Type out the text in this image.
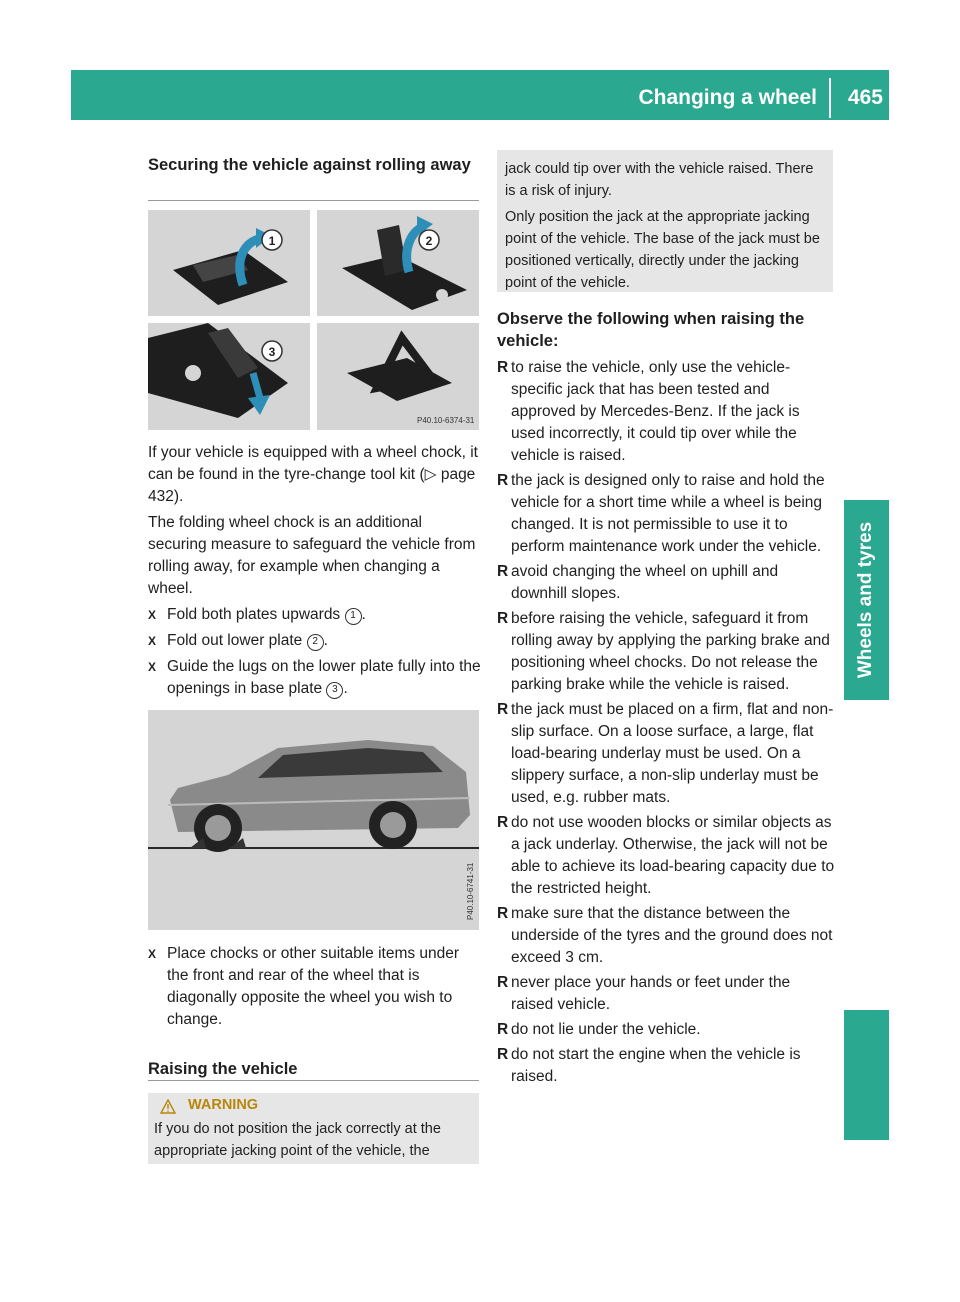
Changing a wheel 465
Wheels and tyres
Securing the vehicle against rolling away
1	2
3
P40.10-6374-31

If your vehicle is equipped with a wheel chock, it can be found in the tyre-change tool kit (▷ page 432).

The folding wheel chock is an additional securing measure to safeguard the vehicle from rolling away, for example when changing a wheel.

X Fold both plates upwards 1 .
X Fold out lower plate 2 .
X Guide the lugs on the lower plate fully into the openings in base plate 3 .
P40.10-6741-31
X Place chocks or other suitable items under the front and rear of the wheel that is diagonally opposite the wheel you wish to change.
Raising the vehicle
WARNING
If you do not position the jack correctly at the appropriate jacking point of the vehicle, the

jack could tip over with the vehicle raised. There is a risk of injury.

Only position the jack at the appropriate jacking point of the vehicle. The base of the jack must be positioned vertically, directly under the jacking point of the vehicle.

Observe the following when raising the vehicle:
R to raise the vehicle, only use the vehicle-specific jack that has been tested and approved by Mercedes-Benz. If the jack is used incorrectly, it could tip over while the vehicle is raised.
R the jack is designed only to raise and hold the vehicle for a short time while a wheel is being changed. It is not permissible to use it to perform maintenance work under the vehicle.
R avoid changing the wheel on uphill and downhill slopes.
R before raising the vehicle, safeguard it from rolling away by applying the parking brake and positioning wheel chocks. Do not release the parking brake while the vehicle is raised.
R the jack must be placed on a firm, flat and non-slip surface. On a loose surface, a large, flat load-bearing underlay must be used. On a slippery surface, a non-slip underlay must be used, e.g. rubber mats.
R do not use wooden blocks or similar objects as a jack underlay. Otherwise, the jack will not be able to achieve its load-bearing capacity due to the restricted height.
R make sure that the distance between the underside of the tyres and the ground does not exceed 3 cm.
R never place your hands or feet under the raised vehicle.
R do not lie under the vehicle.
R do not start the engine when the vehicle is raised.
